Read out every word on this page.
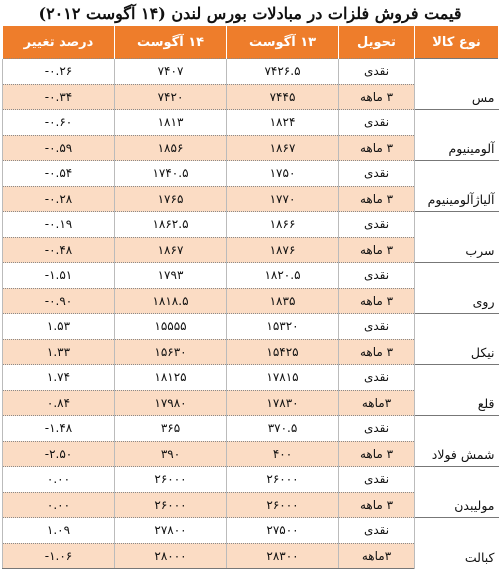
قیمت فروش فلزات در مبادلات بورس لندن (۱۴ آگوست ۲۰۱۲)
نوع کالا	تحویل	۱۳ آگوست	۱۴ آگوست	درصد تغییر
مس	نقدی	۷۴۲۶.۵	۷۴۰۷	-۰.۲۶
	۳ ماهه	۷۴۴۵	۷۴۲۰	-۰.۳۴
آلومینیوم	نقدی	۱۸۲۴	۱۸۱۳	-۰.۶۰
	۳ ماهه	۱۸۶۷	۱۸۵۶	-۰.۵۹
آلیاژآلومینیوم	نقدی	۱۷۵۰	۱۷۴۰.۵	-۰.۵۴
	۳ ماهه	۱۷۷۰	۱۷۶۵	-۰.۲۸
سرب	نقدی	۱۸۶۶	۱۸۶۲.۵	-۰.۱۹
	۳ ماهه	۱۸۷۶	۱۸۶۷	-۰.۴۸
روی	نقدی	۱۸۲۰.۵	۱۷۹۳	-۱.۵۱
	۳ ماهه	۱۸۳۵	۱۸۱۸.۵	-۰.۹۰
نیکل	نقدی	۱۵۳۲۰	۱۵۵۵۵	۱.۵۳
	۳ ماهه	۱۵۴۲۵	۱۵۶۳۰	۱.۳۳
قلع	نقدی	۱۷۸۱۵	۱۸۱۲۵	۱.۷۴
	۳ماهه	۱۷۸۳۰	۱۷۹۸۰	۰.۸۴
شمش فولاد	نقدی	۳۷۰.۵	۳۶۵	-۱.۴۸
	۳ ماهه	۴۰۰	۳۹۰	-۲.۵۰
مولیبدن	نقدی	۲۶۰۰۰	۲۶۰۰۰	۰.۰۰
	۳ ماهه	۲۶۰۰۰	۲۶۰۰۰	۰.۰۰
کبالت	نقدی	۲۷۵۰۰	۲۷۸۰۰	۱.۰۹
	۳ماهه	۲۸۳۰۰	۲۸۰۰۰	-۱.۰۶
